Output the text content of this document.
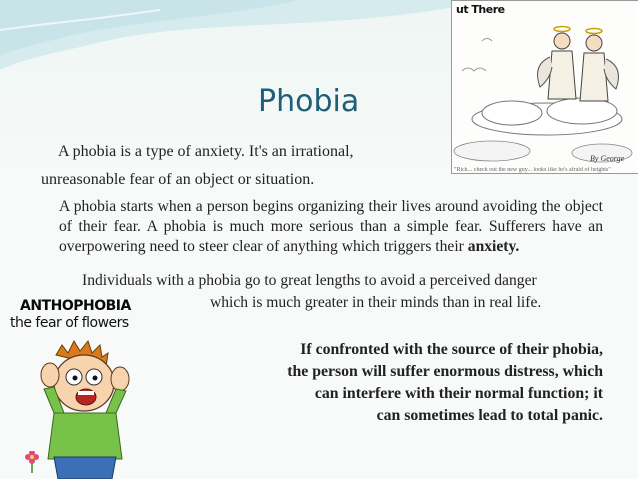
Phobia
A phobia is a type of anxiety. It's an irrational,
unreasonable fear of an object or situation.
A phobia starts when a person begins organizing their lives around avoiding the object of their fear. A phobia is much more serious than a simple fear. Sufferers have an overpowering need to steer clear of anything which triggers their anxiety.
Individuals with a phobia go to great lengths to avoid a perceived danger
which is much greater in their minds than in real life.
If confronted with the source of their phobia,
the person will suffer enormous distress, which
can interfere with their normal function; it
can sometimes lead to total panic.
ut There
By George
"Rick... check out the new guy... looks like he's afraid of heights"
ANTHOPHOBIA
the fear of flowers
